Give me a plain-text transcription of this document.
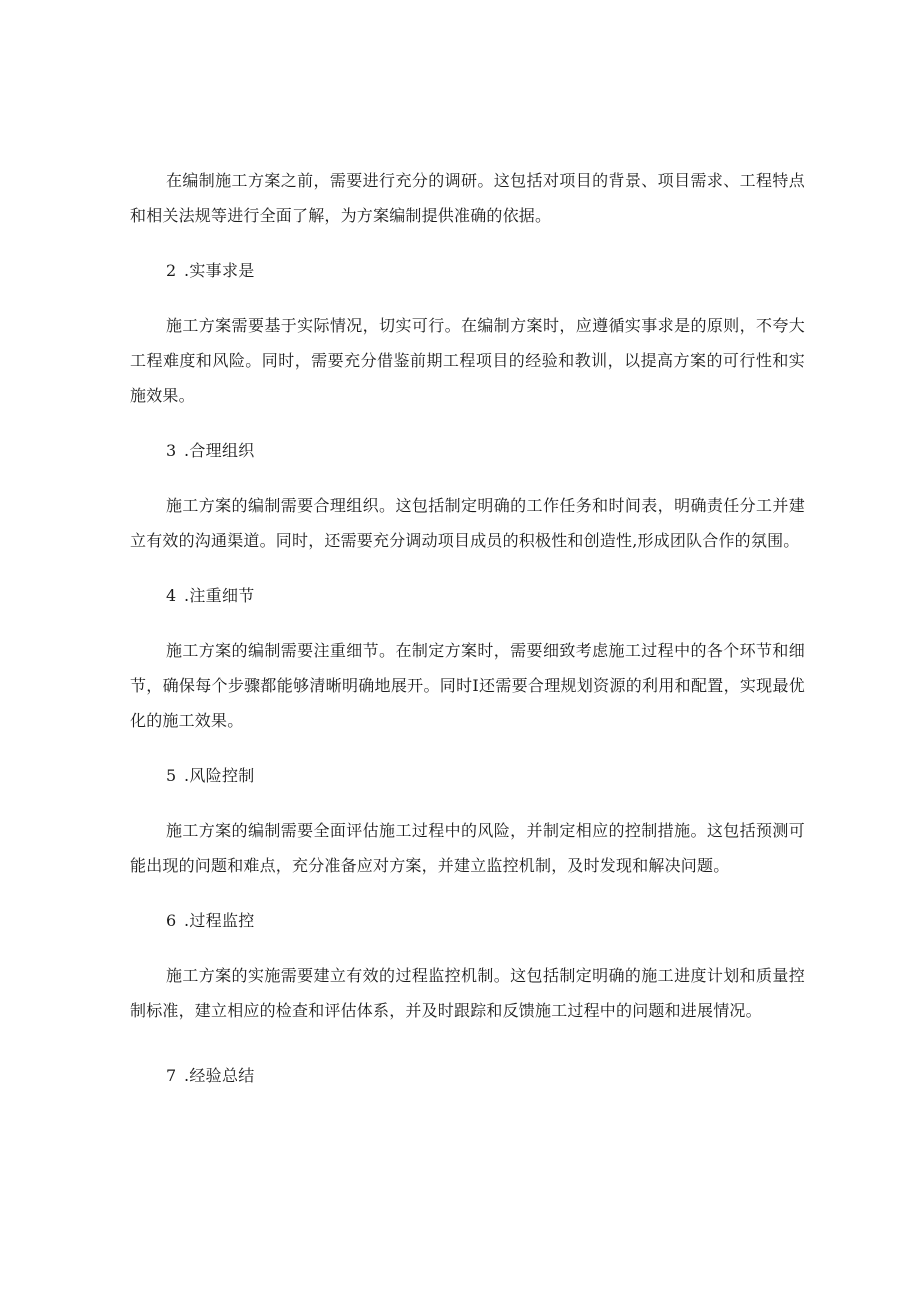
在编制施工方案之前，需要进行充分的调研。这包括对项目的背景、项目需求、工程特点和相关法规等进行全面了解，为方案编制提供准确的依据。

2 .实事求是

施工方案需要基于实际情况，切实可行。在编制方案时，应遵循实事求是的原则，不夸大工程难度和风险。同时，需要充分借鉴前期工程项目的经验和教训，以提高方案的可行性和实施效果。

3 .合理组织

施工方案的编制需要合理组织。这包括制定明确的工作任务和时间表，明确责任分工并建立有效的沟通渠道。同时，还需要充分调动项目成员的积极性和创造性,形成团队合作的氛围。

4 .注重细节

施工方案的编制需要注重细节。在制定方案时，需要细致考虑施工过程中的各个环节和细节，确保每个步骤都能够清晰明确地展开。同时I还需要合理规划资源的利用和配置，实现最优化的施工效果。

5 .风险控制

施工方案的编制需要全面评估施工过程中的风险，并制定相应的控制措施。这包括预测可能出现的问题和难点，充分准备应对方案，并建立监控机制，及时发现和解决问题。

6 .过程监控

施工方案的实施需要建立有效的过程监控机制。这包括制定明确的施工进度计划和质量控制标准，建立相应的检查和评估体系，并及时跟踪和反馈施工过程中的问题和进展情况。

7 .经验总结
